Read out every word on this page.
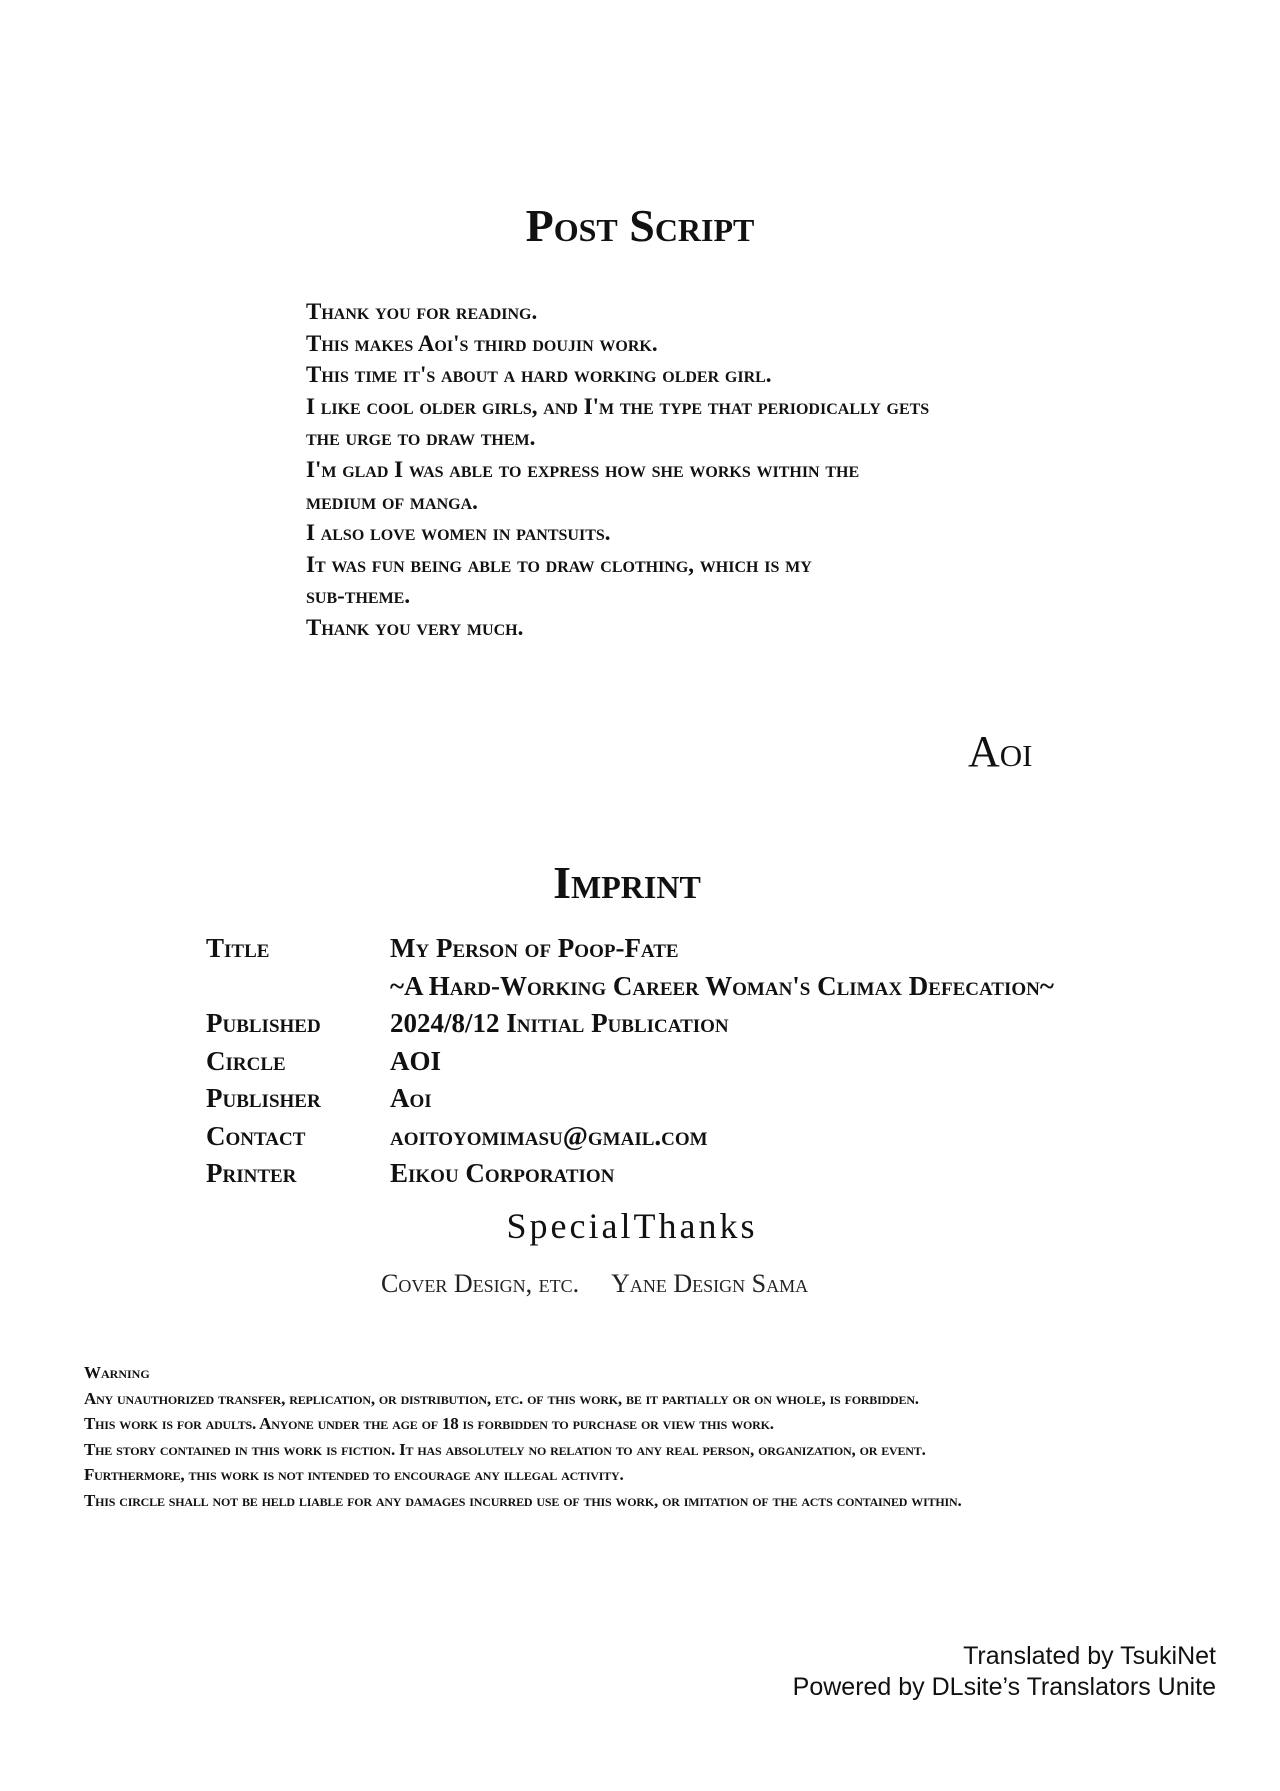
Post Script
Thank you for reading.
This makes Aoi's third doujin work.
This time it's about a hard working older girl.
I like cool older girls, and I'm the type that periodically gets
the urge to draw them.
I'm glad I was able to express how she works within the
medium of manga.
I also love women in pantsuits.
It was fun being able to draw clothing, which is my
sub-theme.
Thank you very much.
Aoi
Imprint
Title	My Person of Poop-Fate
	~A Hard-Working Career Woman's Climax Defecation~
Published	2024/8/12 Initial Publication
Circle	AOI
Publisher	Aoi
Contact	aoitoyomimasu@gmail.com
Printer	Eikou Corporation
SpecialThanks
Cover Design, etc. Yane Design Sama
Warning
Any unauthorized transfer, replication, or distribution, etc. of this work, be it partially or on whole, is forbidden.
This work is for adults. Anyone under the age of 18 is forbidden to purchase or view this work.
The story contained in this work is fiction. It has absolutely no relation to any real person, organization, or event.
Furthermore, this work is not intended to encourage any illegal activity.
This circle shall not be held liable for any damages incurred use of this work, or imitation of the acts contained within.
Translated by TsukiNet
Powered by DLsite’s Translators Unite
